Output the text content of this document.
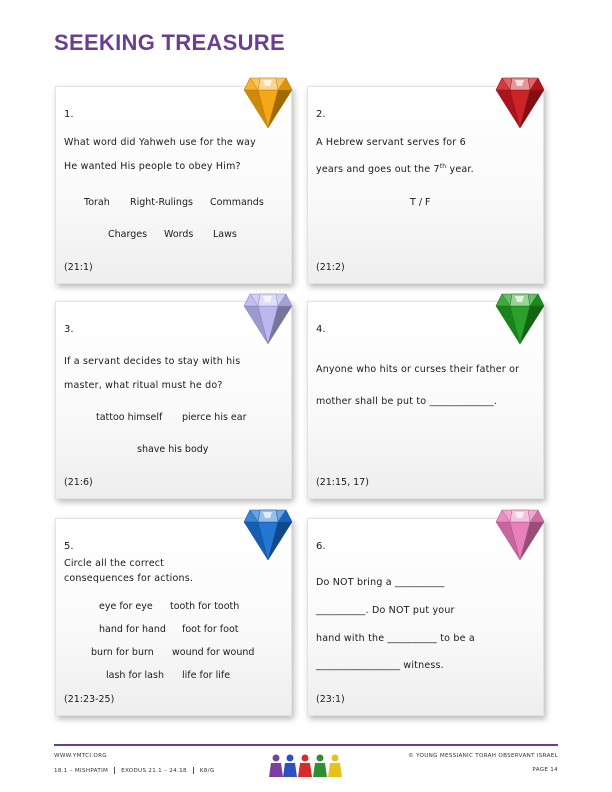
SEEKING TREASURE
1.
What word did Yahweh use for the way
He wanted His people to obey Him?
Torah Right-Rulings Commands
Charges Words Laws
(21:1)
2.
A Hebrew servant serves for 6
years and goes out the 7th year.
T / F
(21:2)
3.
If a servant decides to stay with his
master, what ritual must he do?
tattoo himself pierce his ear
shave his body
(21:6)
4.
Anyone who hits or curses their father or
mother shall be put to _____________.
(21:15, 17)
5.
Circle all the correct
consequences for actions.
eye for eye tooth for tooth
hand for hand foot for foot
burn for burn wound for wound
lash for lash life for life
(21:23-25)
6.
Do NOT bring a __________
__________. Do NOT put your
hand with the __________ to be a
_________________ witness.
(23:1)
WWW.YMTCI.ORG
18.1 – MISHPATIM EXODUS 21.1 – 24.18 K8/G
© YOUNG MESSIANIC TORAH OBSERVANT ISRAEL
PAGE 14
